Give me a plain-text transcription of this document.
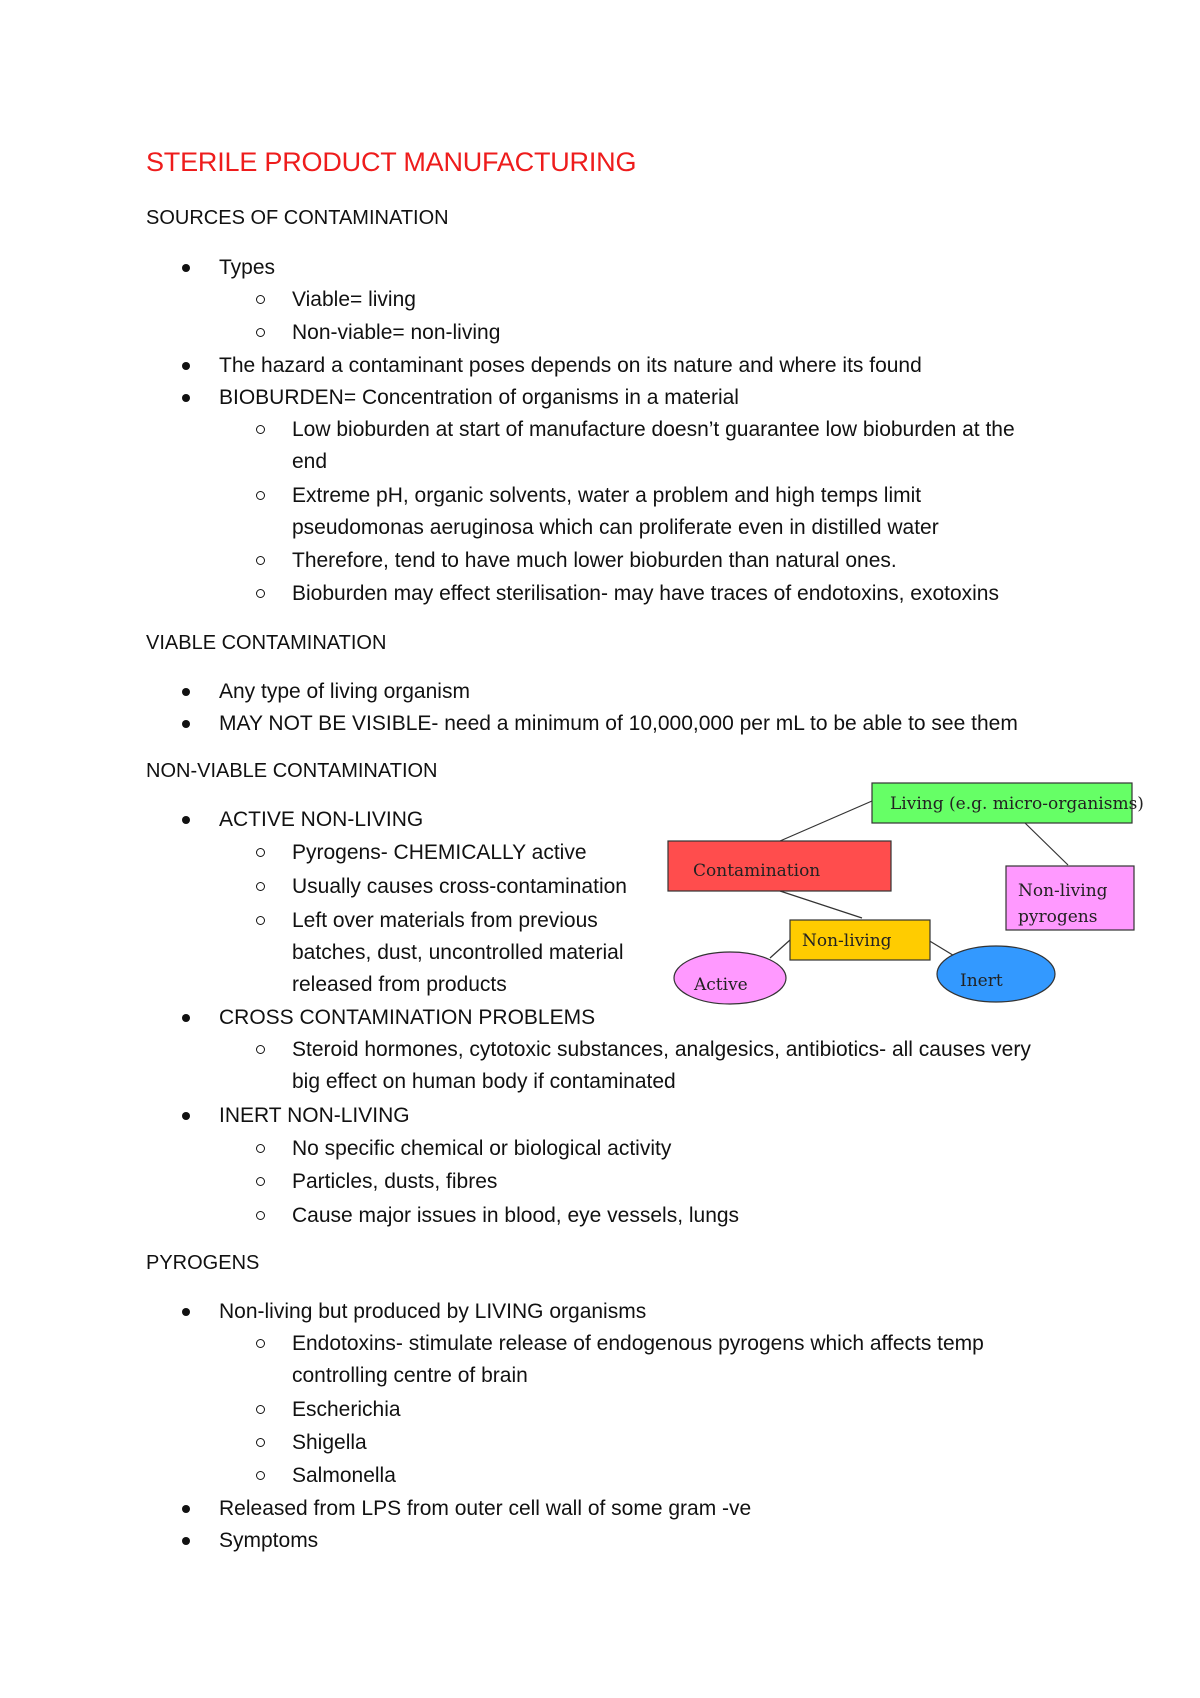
STERILE PRODUCT MANUFACTURING
SOURCES OF CONTAMINATION
Types
Viable= living
Non-viable= non-living
The hazard a contaminant poses depends on its nature and where its found
BIOBURDEN= Concentration of organisms in a material
Low bioburden at start of manufacture doesn’t guarantee low bioburden at the end
Extreme pH, organic solvents, water a problem and high temps limit pseudomonas aeruginosa which can proliferate even in distilled water
Therefore, tend to have much lower bioburden than natural ones.
Bioburden may effect sterilisation- may have traces of endotoxins, exotoxins
VIABLE CONTAMINATION
Any type of living organism
MAY NOT BE VISIBLE- need a minimum of 10,000,000 per mL to be able to see them
NON-VIABLE CONTAMINATION
ACTIVE NON-LIVING
Pyrogens- CHEMICALLY active
Usually causes cross-contamination
Left over materials from previous batches, dust, uncontrolled material released from products
CROSS CONTAMINATION PROBLEMS
Steroid hormones, cytotoxic substances, analgesics, antibiotics- all causes very big effect on human body if contaminated
INERT NON-LIVING
No specific chemical or biological activity
Particles, dusts, fibres
Cause major issues in blood, eye vessels, lungs
PYROGENS
Non-living but produced by LIVING organisms
Endotoxins- stimulate release of endogenous pyrogens which affects temp controlling centre of brain
Escherichia
Shigella
Salmonella
Released from LPS from outer cell wall of some gram -ve
Symptoms
Living (e.g. micro-organisms)
Contamination
Non-living
pyrogens
Non-living
Active	Inert
